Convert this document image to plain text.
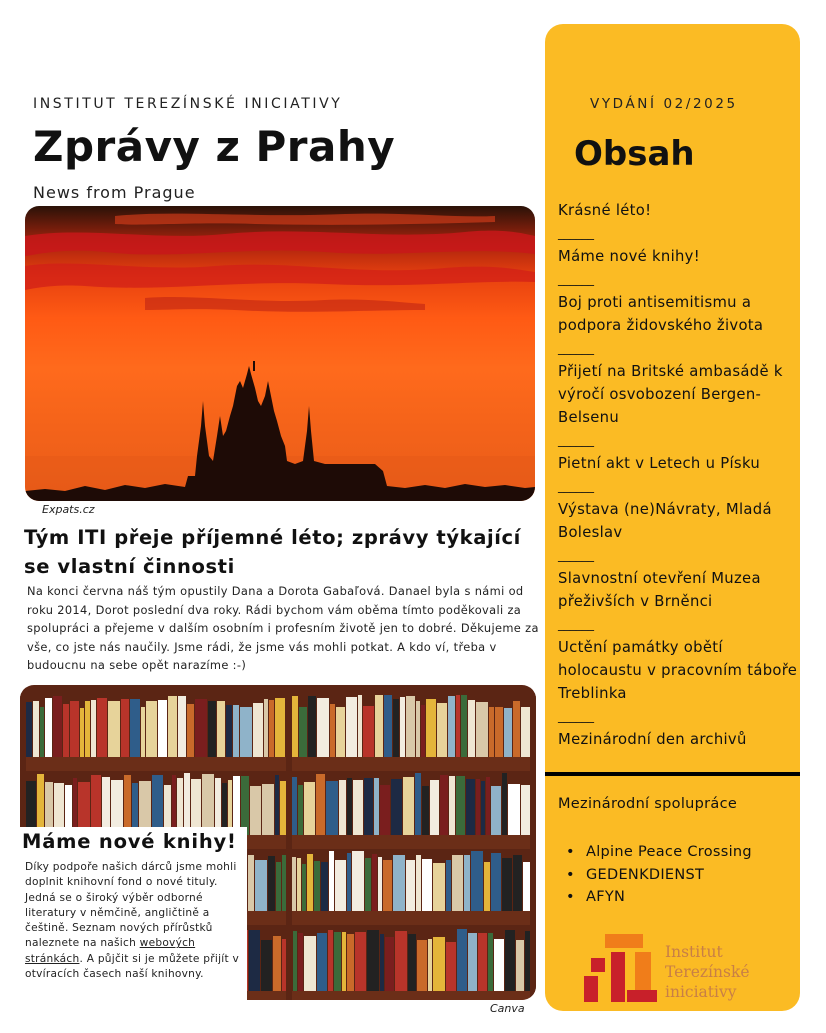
INSTITUT TEREZÍNSKÉ INICIATIVY
Zprávy z Prahy
News from Prague
Expats.cz
Tým ITI přeje příjemné léto; zprávy týkající se vlastní činnosti
Na konci června náš tým opustily Dana a Dorota Gabaľová. Danael byla s námi od roku 2014, Dorot poslední dva roky. Rádi bychom vám oběma tímto poděkovali za spolupráci a přejeme v dalším osobním i profesním životě jen to dobré. Děkujeme za vše, co jste nás naučily. Jsme rádi, že jsme vás mohli potkat. A kdo ví, třeba v budoucnu na sebe opět narazíme :-)
Canva
Máme nové knihy!
Díky podpoře našich dárců jsme mohli doplnit knihovní fond o nové tituly. Jedná se o široký výběr odborné literatury v němčině, angličtině a češtině. Seznam nových přírůstků naleznete na našich webových stránkách. A půjčit si je můžete přijít v otvíracích časech naší knihovny.
VYDÁNÍ 02/2025
Obsah
Krásné léto!
______
Máme nové knihy!
______
Boj proti antisemitismu a podpora židovského života
______
Přijetí na Britské ambasádě k výročí osvobození Bergen-Belsenu
______
Pietní akt v Letech u Písku
______
Výstava (ne)Návraty, Mladá Boleslav
______
Slavnostní otevření Muzea přeživších v Brněnci
______
Uctění památky obětí holocaustu v pracovním táboře Treblinka
______
Mezinárodní den archivů
Mezinárodní spolupráce
• Alpine Peace Crossing
• GEDENKDIENST
• AFYN
Institut
Terezínské
iniciativy
